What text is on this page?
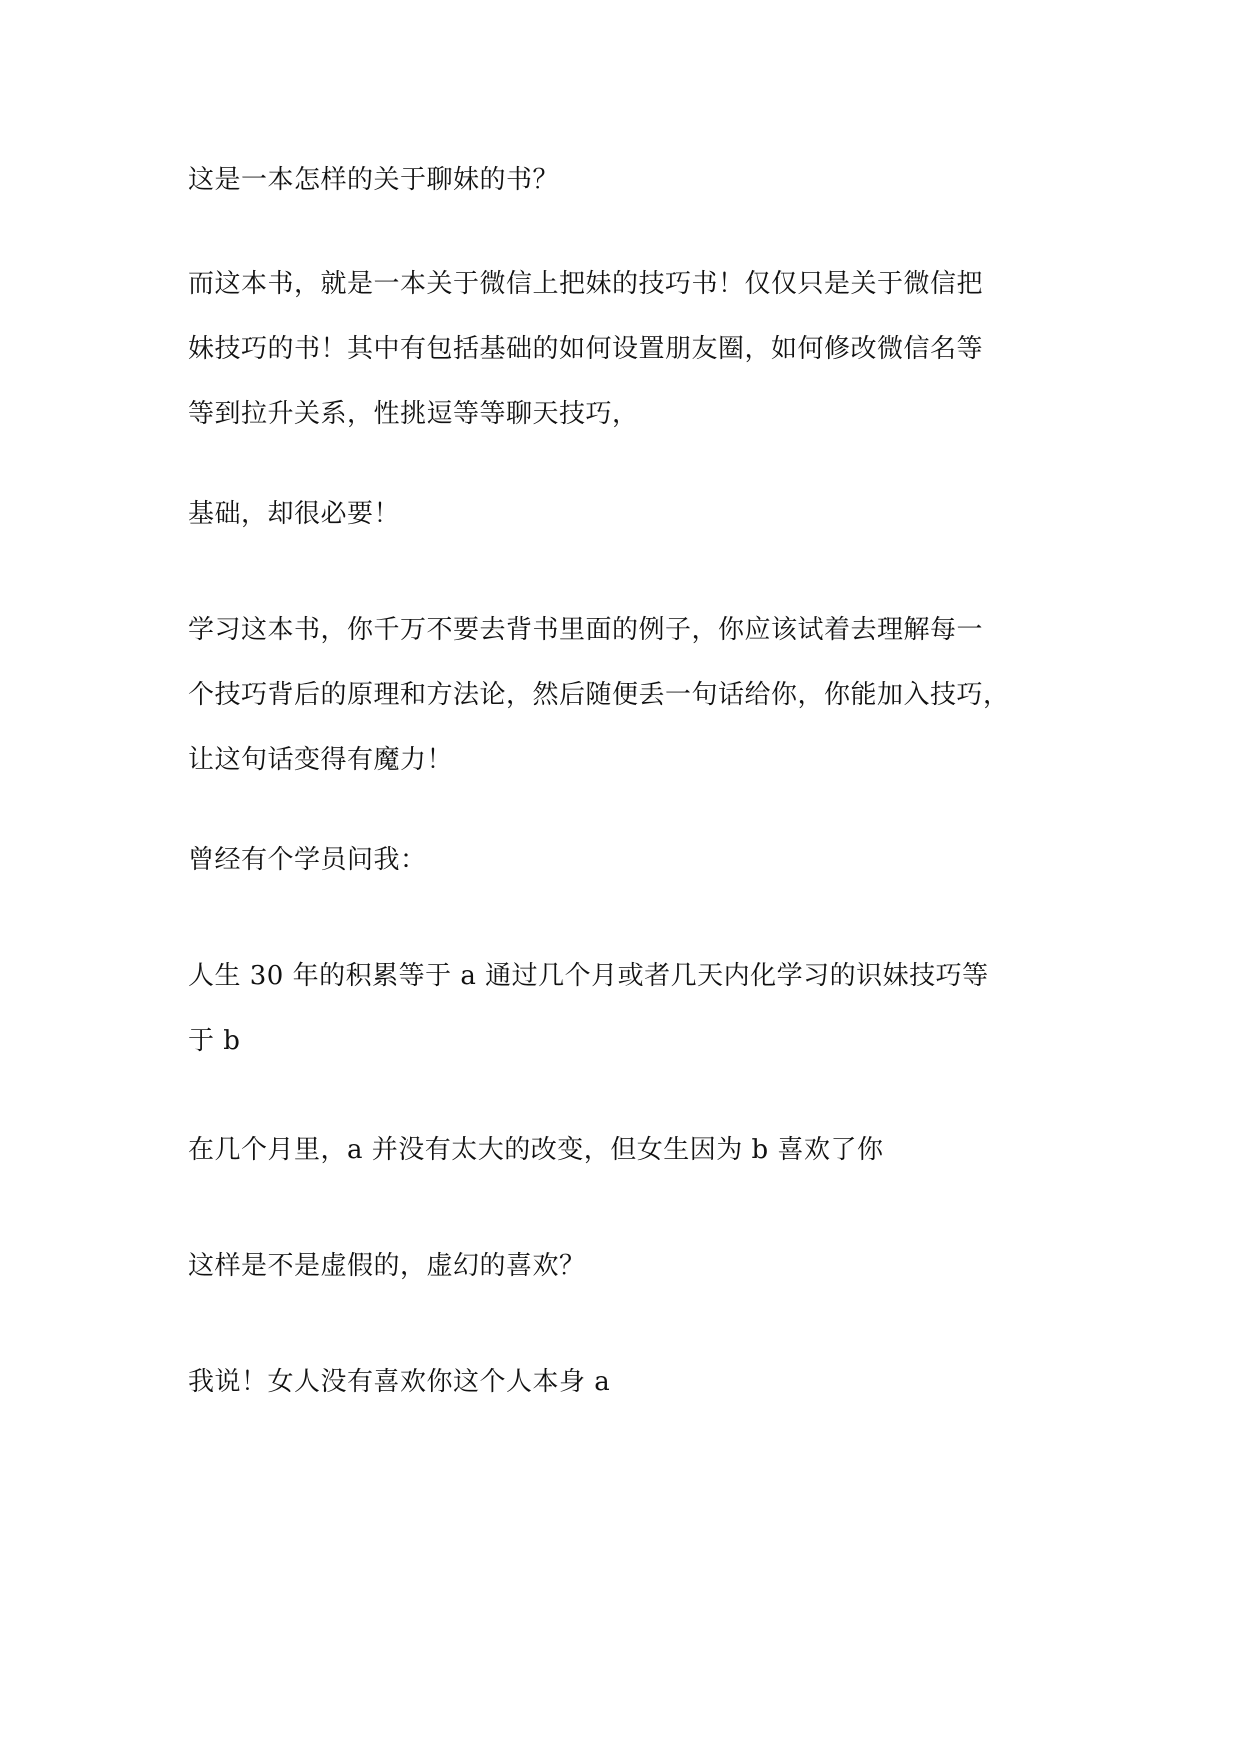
这是一本怎样的关于聊妹的书？

而这本书，就是一本关于微信上把妹的技巧书！仅仅只是关于微信把
妹技巧的书！其中有包括基础的如何设置朋友圈，如何修改微信名等
等到拉升关系，性挑逗等等聊天技巧，

基础，却很必要！

学习这本书，你千万不要去背书里面的例子，你应该试着去理解每一
个技巧背后的原理和方法论，然后随便丢一句话给你，你能加入技巧，
让这句话变得有魔力！

曾经有个学员问我：

人生 30 年的积累等于 a 通过几个月或者几天内化学习的识妹技巧等
于 b

在几个月里，a 并没有太大的改变，但女生因为 b 喜欢了你

这样是不是虚假的，虚幻的喜欢？

我说！女人没有喜欢你这个人本身 a
